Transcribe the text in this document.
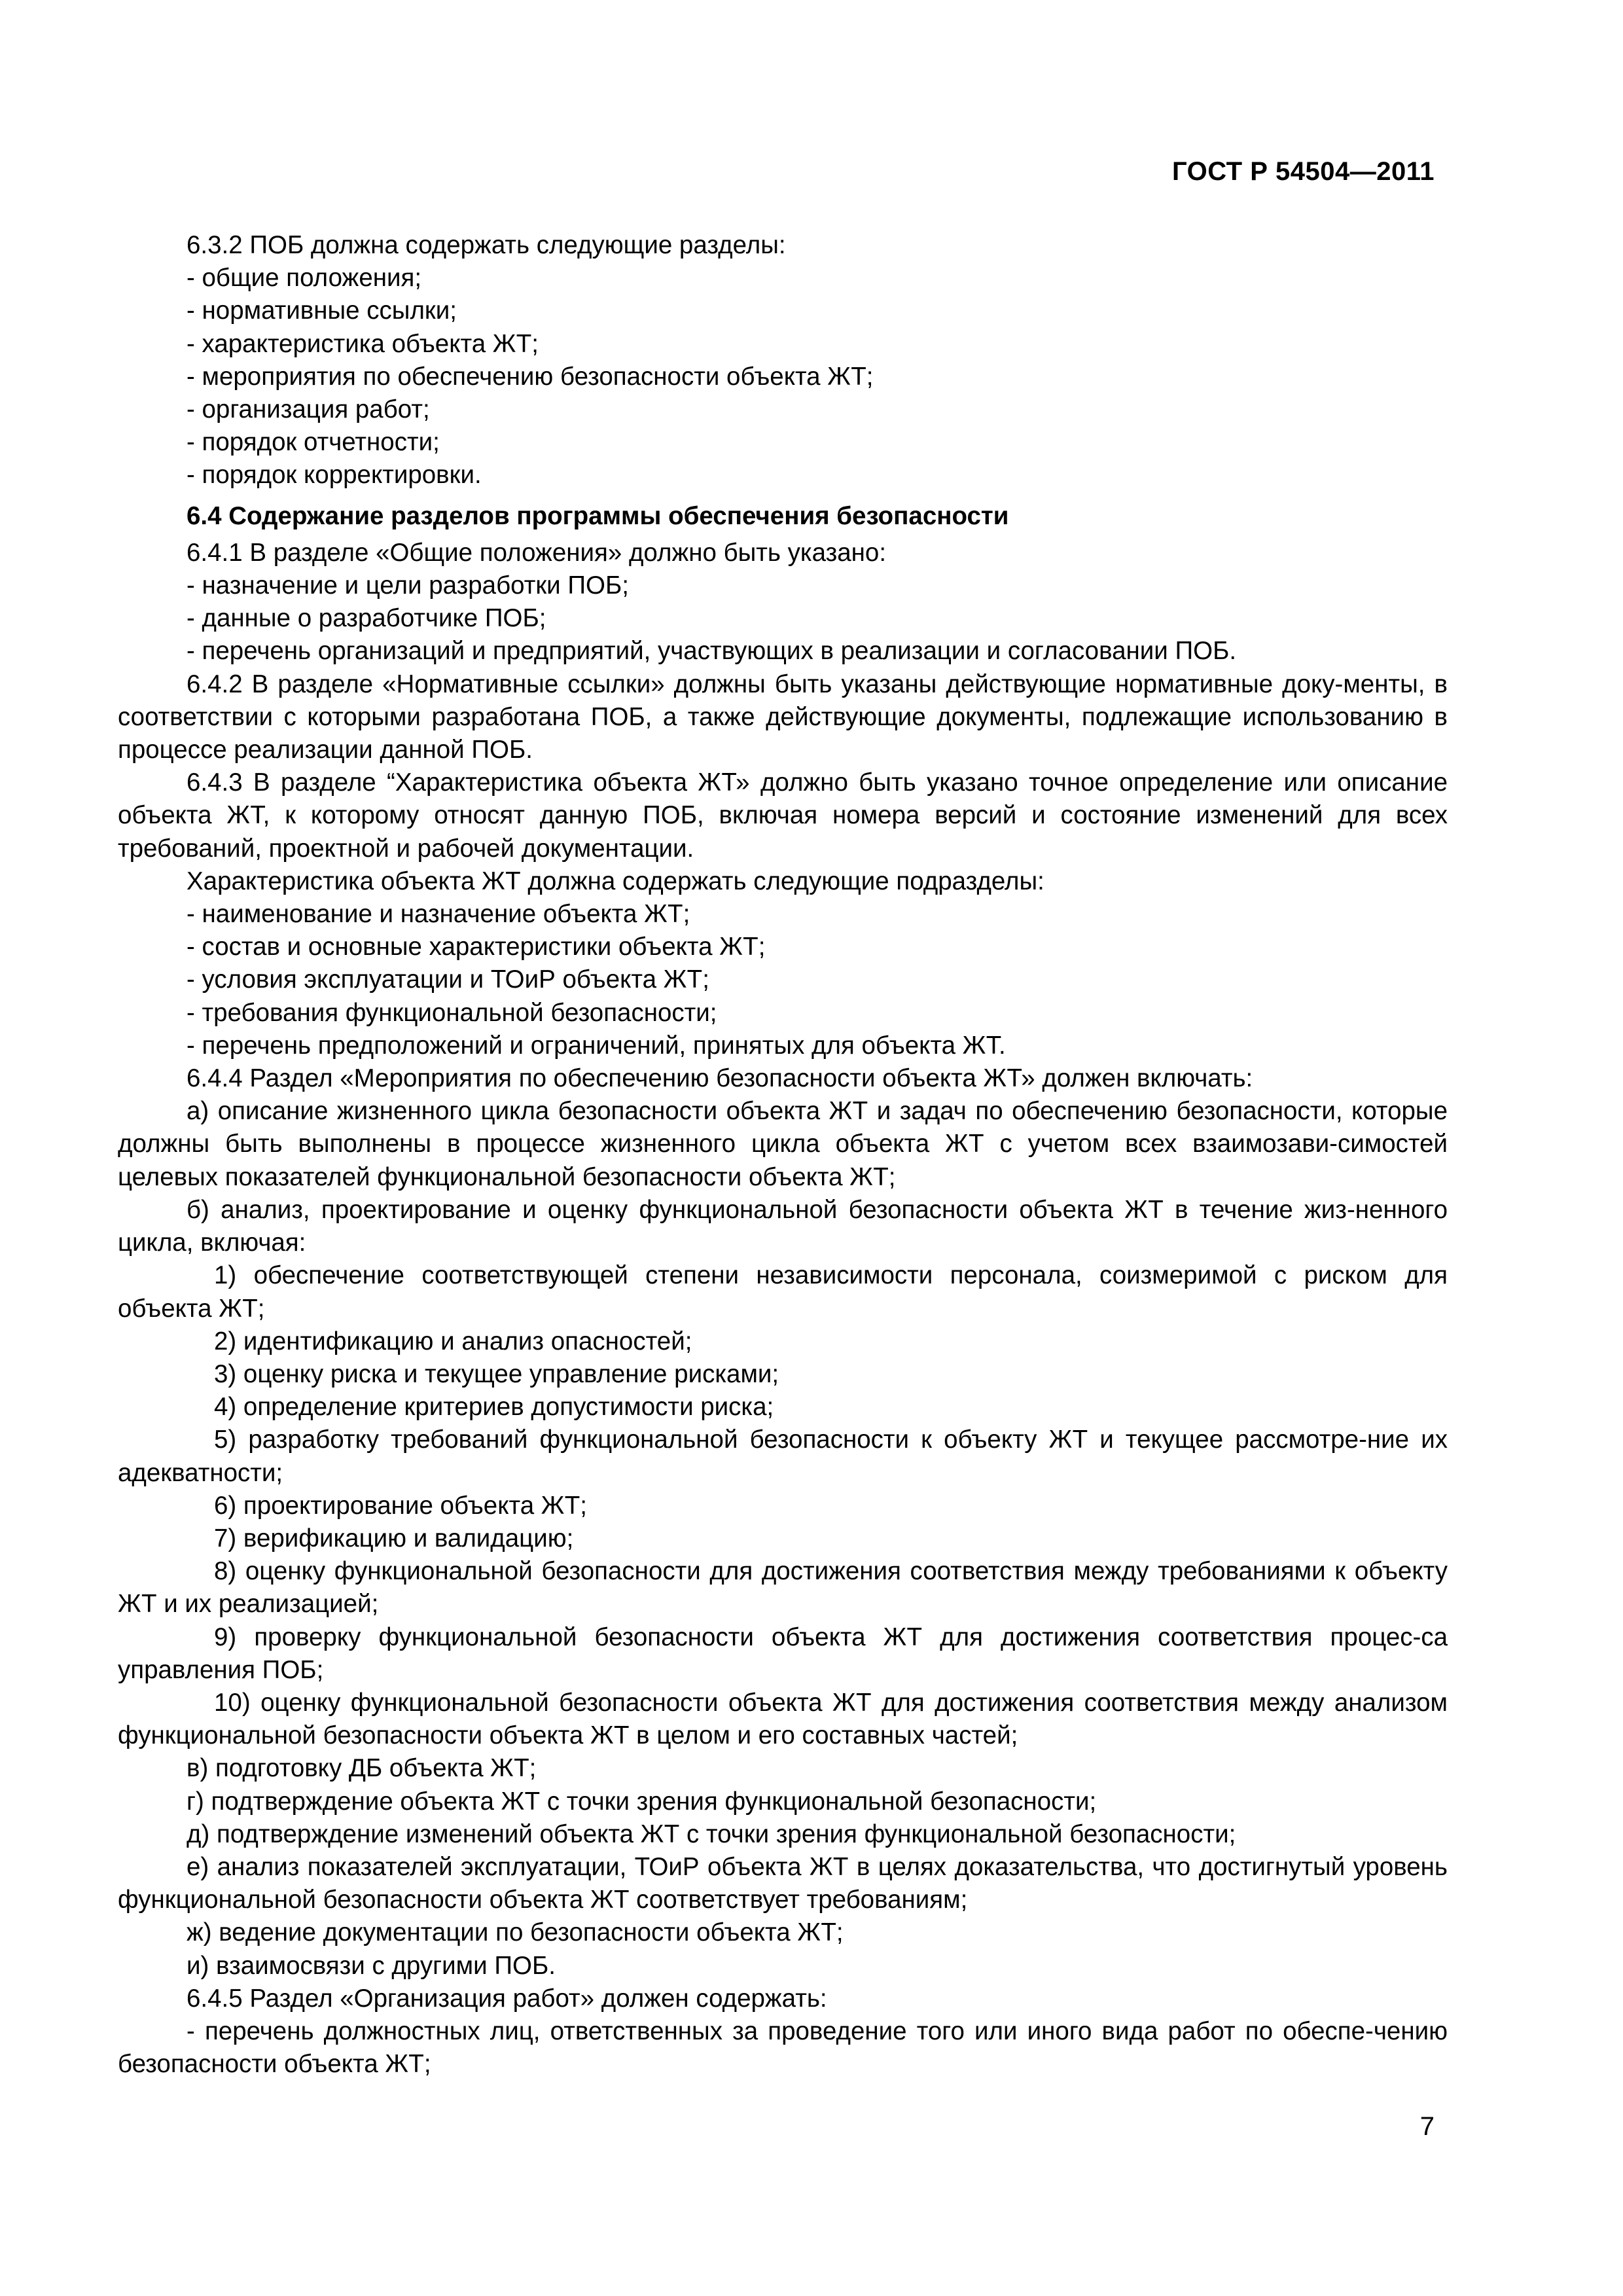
ГОСТ Р 54504—2011

6.3.2 ПОБ должна содержать следующие разделы:

- общие положения;

- нормативные ссылки;

- характеристика объекта ЖТ;

- мероприятия по обеспечению безопасности объекта ЖТ;

- организация работ;

- порядок отчетности;

- порядок корректировки.

6.4 Содержание разделов программы обеспечения безопасности

6.4.1 В разделе «Общие положения» должно быть указано:

- назначение и цели разработки ПОБ;

- данные о разработчике ПОБ;

- перечень организаций и предприятий, участвующих в реализации и согласовании ПОБ.

6.4.2 В разделе «Нормативные ссылки» должны быть указаны действующие нормативные доку-менты, в соответствии с которыми разработана ПОБ, а также действующие документы, подлежащие использованию в процессе реализации данной ПОБ.

6.4.3 В разделе “Характеристика объекта ЖТ» должно быть указано точное определение или описание объекта ЖТ, к которому относят данную ПОБ, включая номера версий и состояние изменений для всех требований, проектной и рабочей документации.

Характеристика объекта ЖТ должна содержать следующие подразделы:

- наименование и назначение объекта ЖТ;

- состав и основные характеристики объекта ЖТ;

- условия эксплуатации и ТОиР объекта ЖТ;

- требования функциональной безопасности;

- перечень предположений и ограничений, принятых для объекта ЖТ.

6.4.4 Раздел «Мероприятия по обеспечению безопасности объекта ЖТ» должен включать:

а) описание жизненного цикла безопасности объекта ЖТ и задач по обеспечению безопасности, которые должны быть выполнены в процессе жизненного цикла объекта ЖТ с учетом всех взаимозави-симостей целевых показателей функциональной безопасности объекта ЖТ;

б) анализ, проектирование и оценку функциональной безопасности объекта ЖТ в течение жиз-ненного цикла, включая:

1) обеспечение соответствующей степени независимости персонала, соизмеримой с риском для объекта ЖТ;

2) идентификацию и анализ опасностей;

3) оценку риска и текущее управление рисками;

4) определение критериев допустимости риска;

5) разработку требований функциональной безопасности к объекту ЖТ и текущее рассмотре-ние их адекватности;

6) проектирование объекта ЖТ;

7) верификацию и валидацию;

8) оценку функциональной безопасности для достижения соответствия между требованиями к объекту ЖТ и их реализацией;

9) проверку функциональной безопасности объекта ЖТ для достижения соответствия процес-са управления ПОБ;

10) оценку функциональной безопасности объекта ЖТ для достижения соответствия между анализом функциональной безопасности объекта ЖТ в целом и его составных частей;

в) подготовку ДБ объекта ЖТ;

г) подтверждение объекта ЖТ с точки зрения функциональной безопасности;

д) подтверждение изменений объекта ЖТ с точки зрения функциональной безопасности;

е) анализ показателей эксплуатации, ТОиР объекта ЖТ в целях доказательства, что достигнутый уровень функциональной безопасности объекта ЖТ соответствует требованиям;

ж) ведение документации по безопасности объекта ЖТ;

и) взаимосвязи с другими ПОБ.

6.4.5 Раздел «Организация работ» должен содержать:

- перечень должностных лиц, ответственных за проведение того или иного вида работ по обеспе-чению безопасности объекта ЖТ;

7
